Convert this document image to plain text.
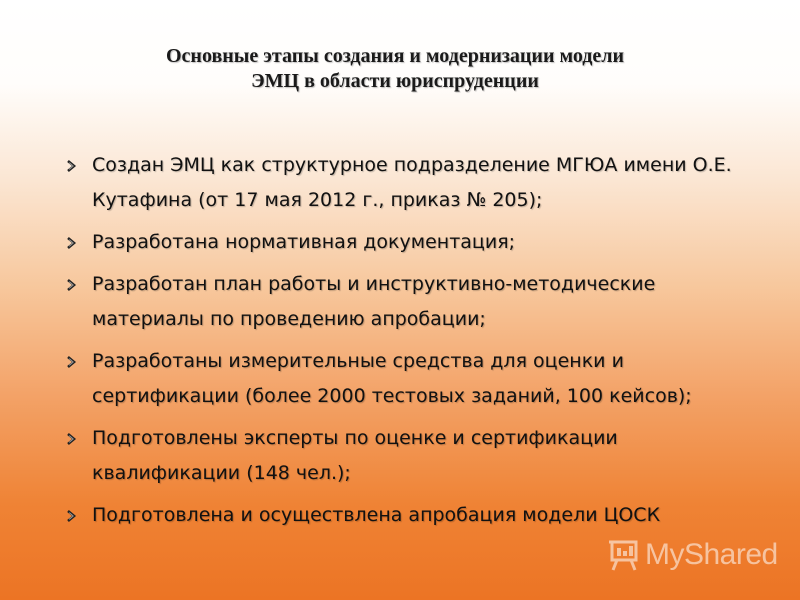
Основные этапы создания и модернизации модели
ЭМЦ в области юриспруденции
Создан ЭМЦ как структурное подразделение МГЮА имени О.Е.
Кутафина (от 17 мая 2012 г., приказ № 205);
Разработана нормативная документация;
Разработан план работы и инструктивно-методические
материалы по проведению апробации;
Разработаны измерительные средства для оценки и
сертификации (более 2000 тестовых заданий, 100 кейсов);
Подготовлены эксперты по оценке и сертификации
квалификации (148 чел.);
Подготовлена и осуществлена апробация модели ЦОСК
MyShared
